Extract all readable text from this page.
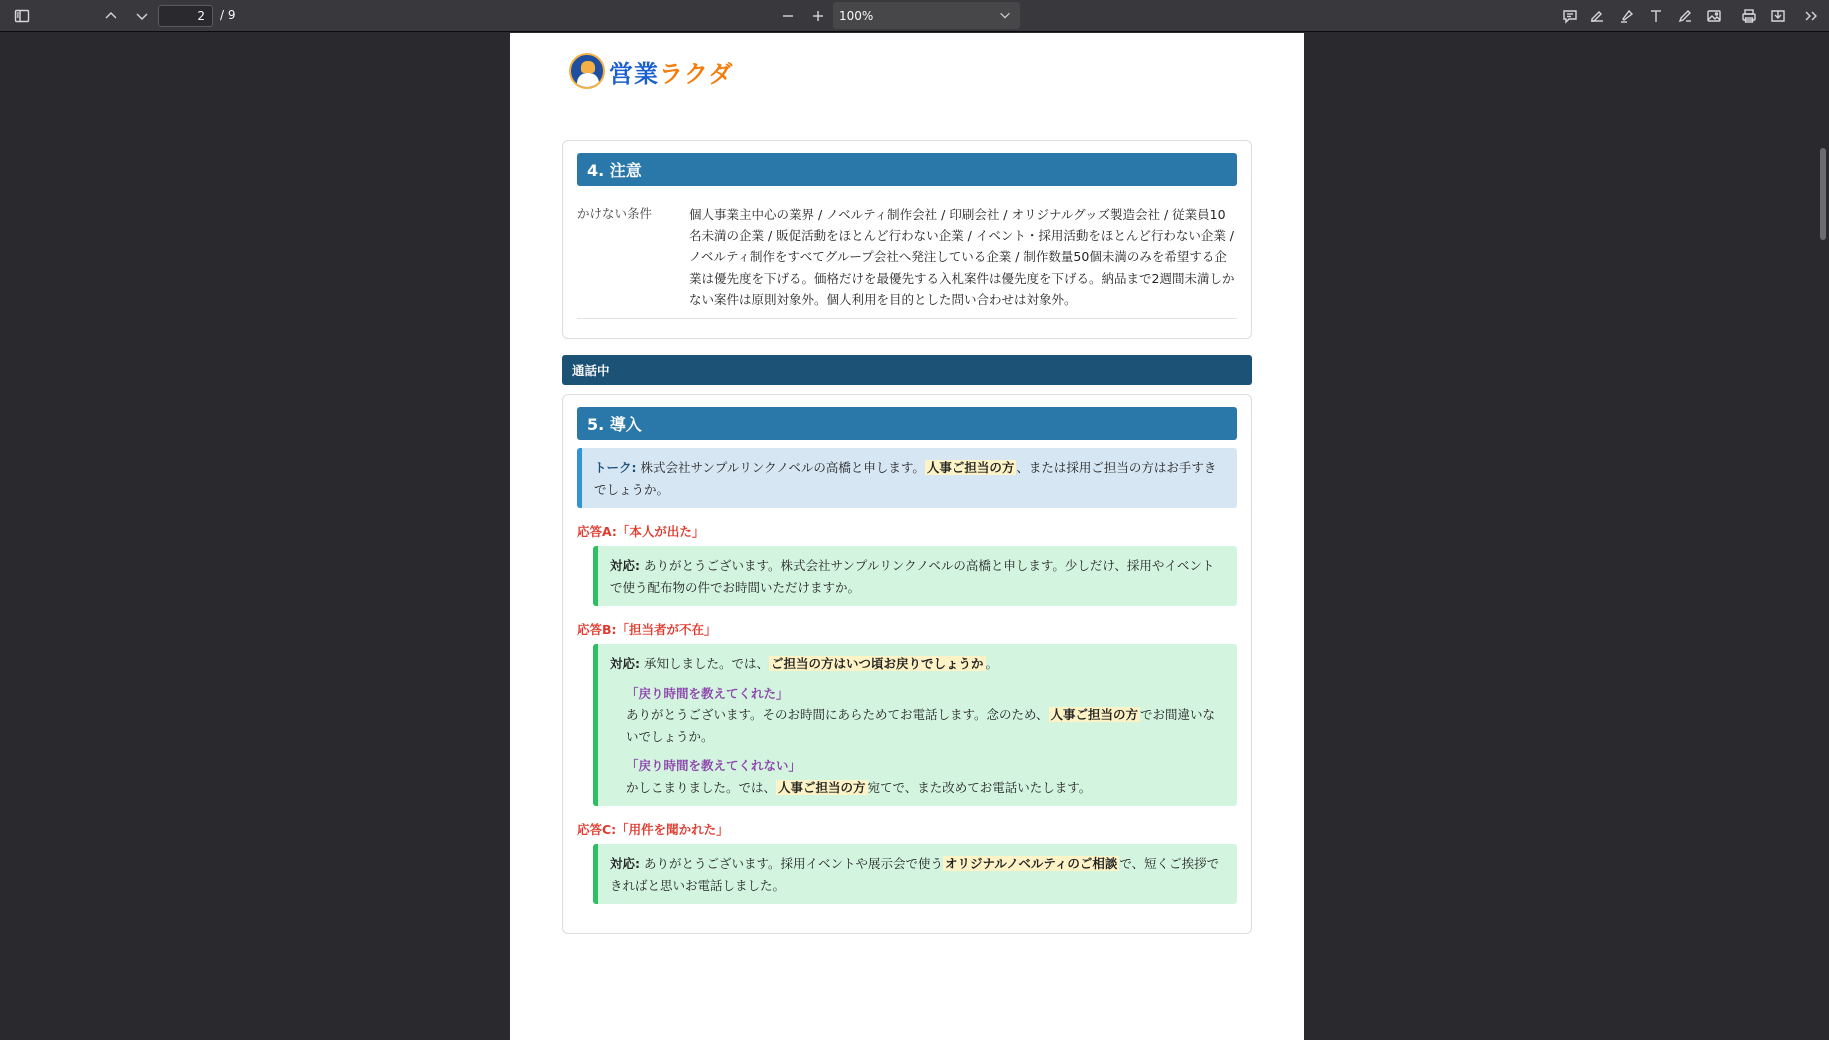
2
/ 9	100%
営業ラクダ
4. 注意
かけない条件	個人事業主中心の業界 / ノベルティ制作会社 / 印刷会社 / オリジナルグッズ製造会社 / 従業員10名未満の企業 / 販促活動をほとんど行わない企業 / イベント・採用活動をほとんど行わない企業 / ノベルティ制作をすべてグループ会社へ発注している企業 / 制作数量50個未満のみを希望する企業は優先度を下げる。価格だけを最優先する入札案件は優先度を下げる。納品まで2週間未満しかない案件は原則対象外。個人利用を目的とした問い合わせは対象外。
通話中
5. 導入
トーク: 株式会社サンプルリンクノベルの高橋と申します。 人事ご担当の方 、または採用ご担当の方はお手すきでしょうか。
応答A:「本人が出た」
対応: ありがとうございます。株式会社サンプルリンクノベルの高橋と申します。少しだけ、採用やイベントで使う配布物の件でお時間いただけますか。
応答B:「担当者が不在」
対応: 承知しました。では、 ご担当の方はいつ頃お戻りでしょうか 。
「戻り時間を教えてくれた」
ありがとうございます。そのお時間にあらためてお電話します。念のため、 人事ご担当の方 でお間違いないでしょうか。
「戻り時間を教えてくれない」
かしこまりました。では、 人事ご担当の方 宛てで、また改めてお電話いたします。
応答C:「用件を聞かれた」
対応: ありがとうございます。採用イベントや展示会で使う オリジナルノベルティのご相談 で、短くご挨拶できればと思いお電話しました。
